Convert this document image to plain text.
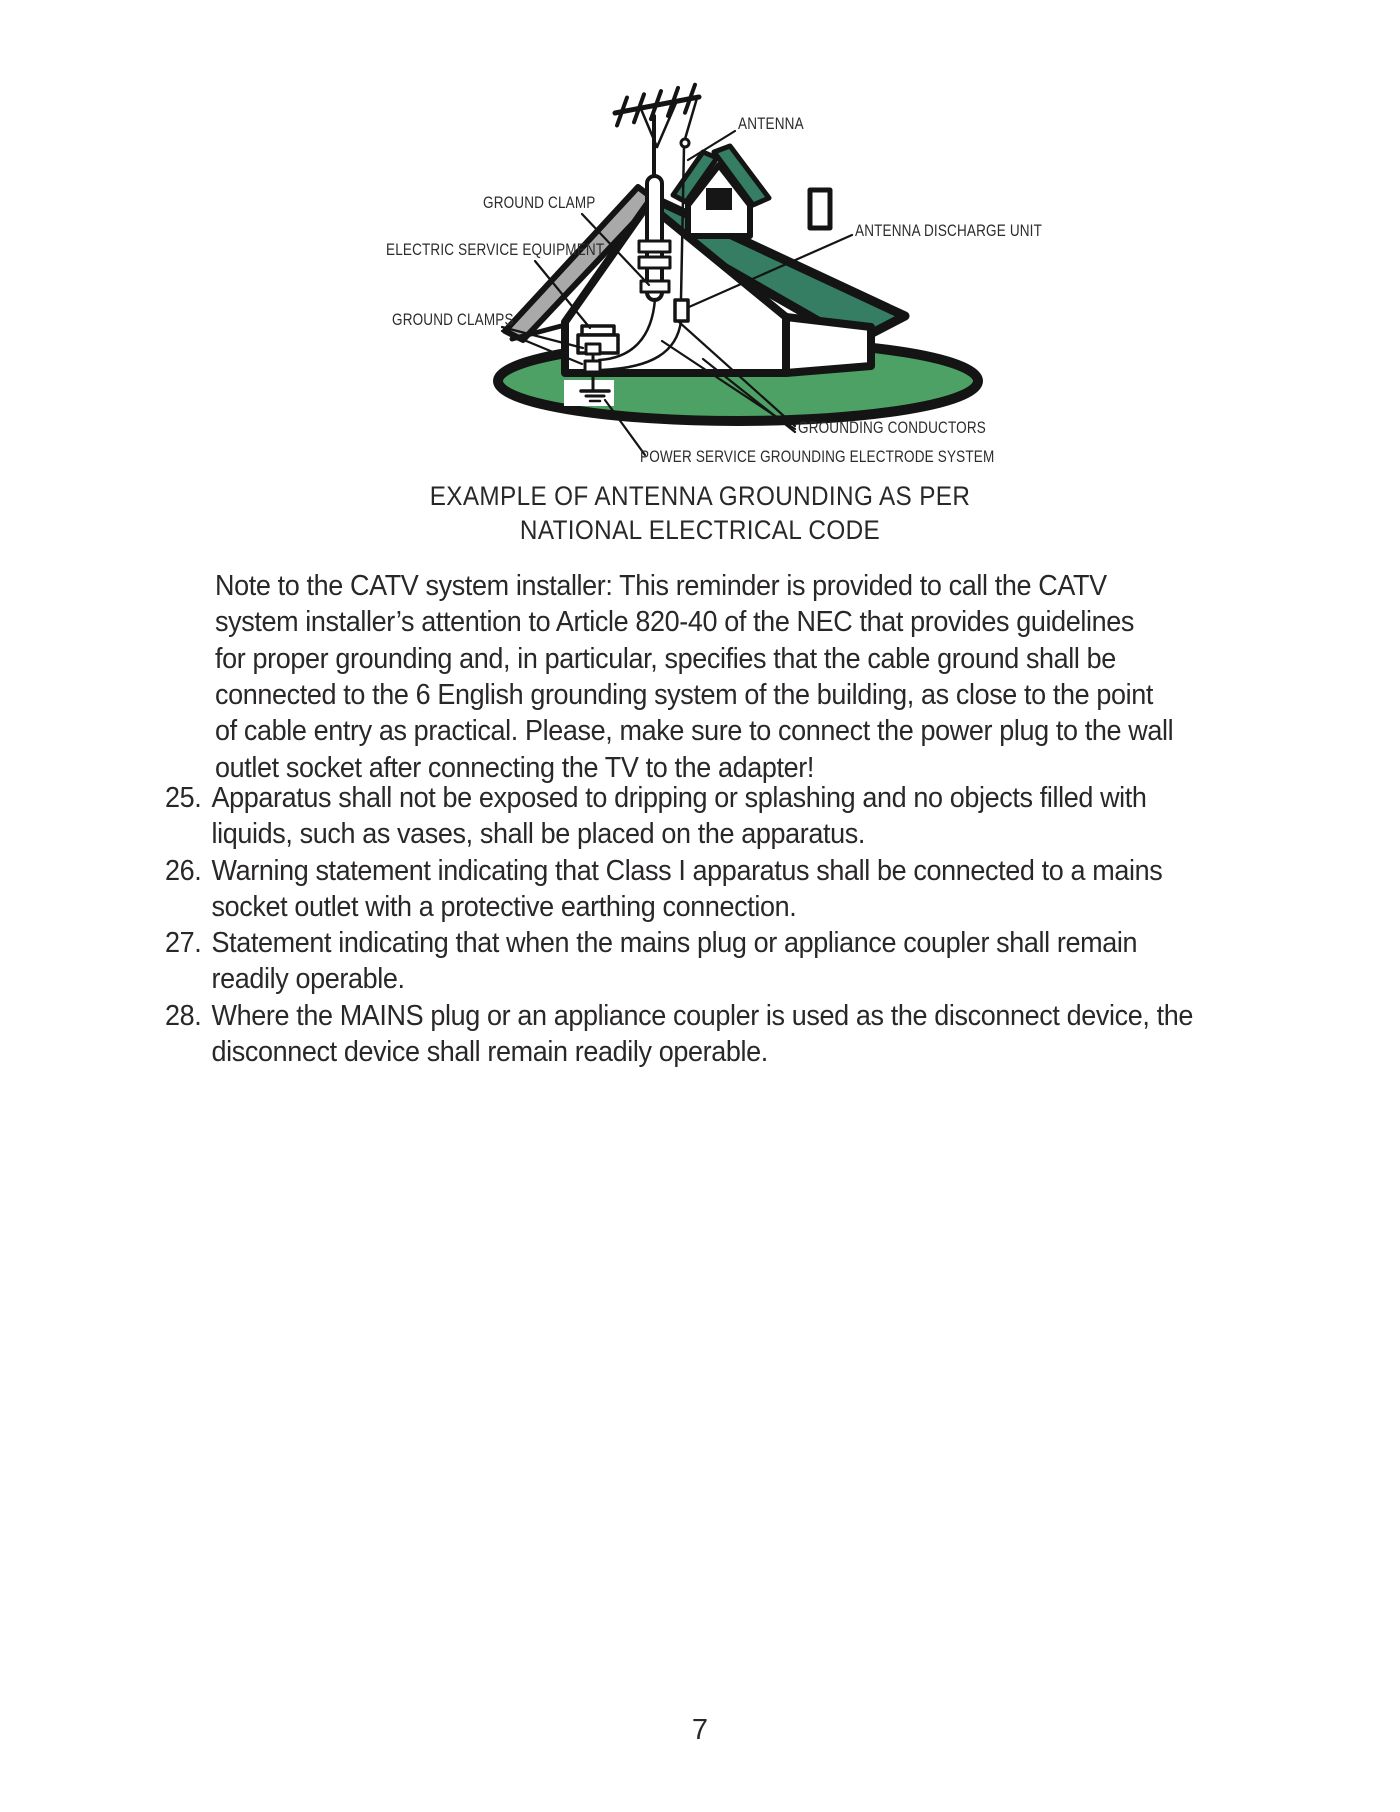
ANTENNA
GROUND CLAMP
ELECTRIC SERVICE EQUIPMENT
GROUND CLAMPS
ANTENNA DISCHARGE UNIT
GROUNDING CONDUCTORS
POWER SERVICE GROUNDING ELECTRODE SYSTEM
EXAMPLE OF ANTENNA GROUNDING AS PER
NATIONAL ELECTRICAL CODE
Note to the CATV system installer: This reminder is provided to call the CATV
system installer’s attention to Article 820-40 of the NEC that provides guidelines
for proper grounding and, in particular, specifies that the cable ground shall be
connected to the 6 English grounding system of the building, as close to the point
of cable entry as practical. Please, make sure to connect the power plug to the wall
outlet socket after connecting the TV to the adapter!
25. Apparatus shall not be exposed to dripping or splashing and no objects filled with
liquids, such as vases, shall be placed on the apparatus.
26. Warning statement indicating that Class I apparatus shall be connected to a mains
socket outlet with a protective earthing connection.
27. Statement indicating that when the mains plug or appliance coupler shall remain
readily operable.
28. Where the MAINS plug or an appliance coupler is used as the disconnect device, the
disconnect device shall remain readily operable.
7
